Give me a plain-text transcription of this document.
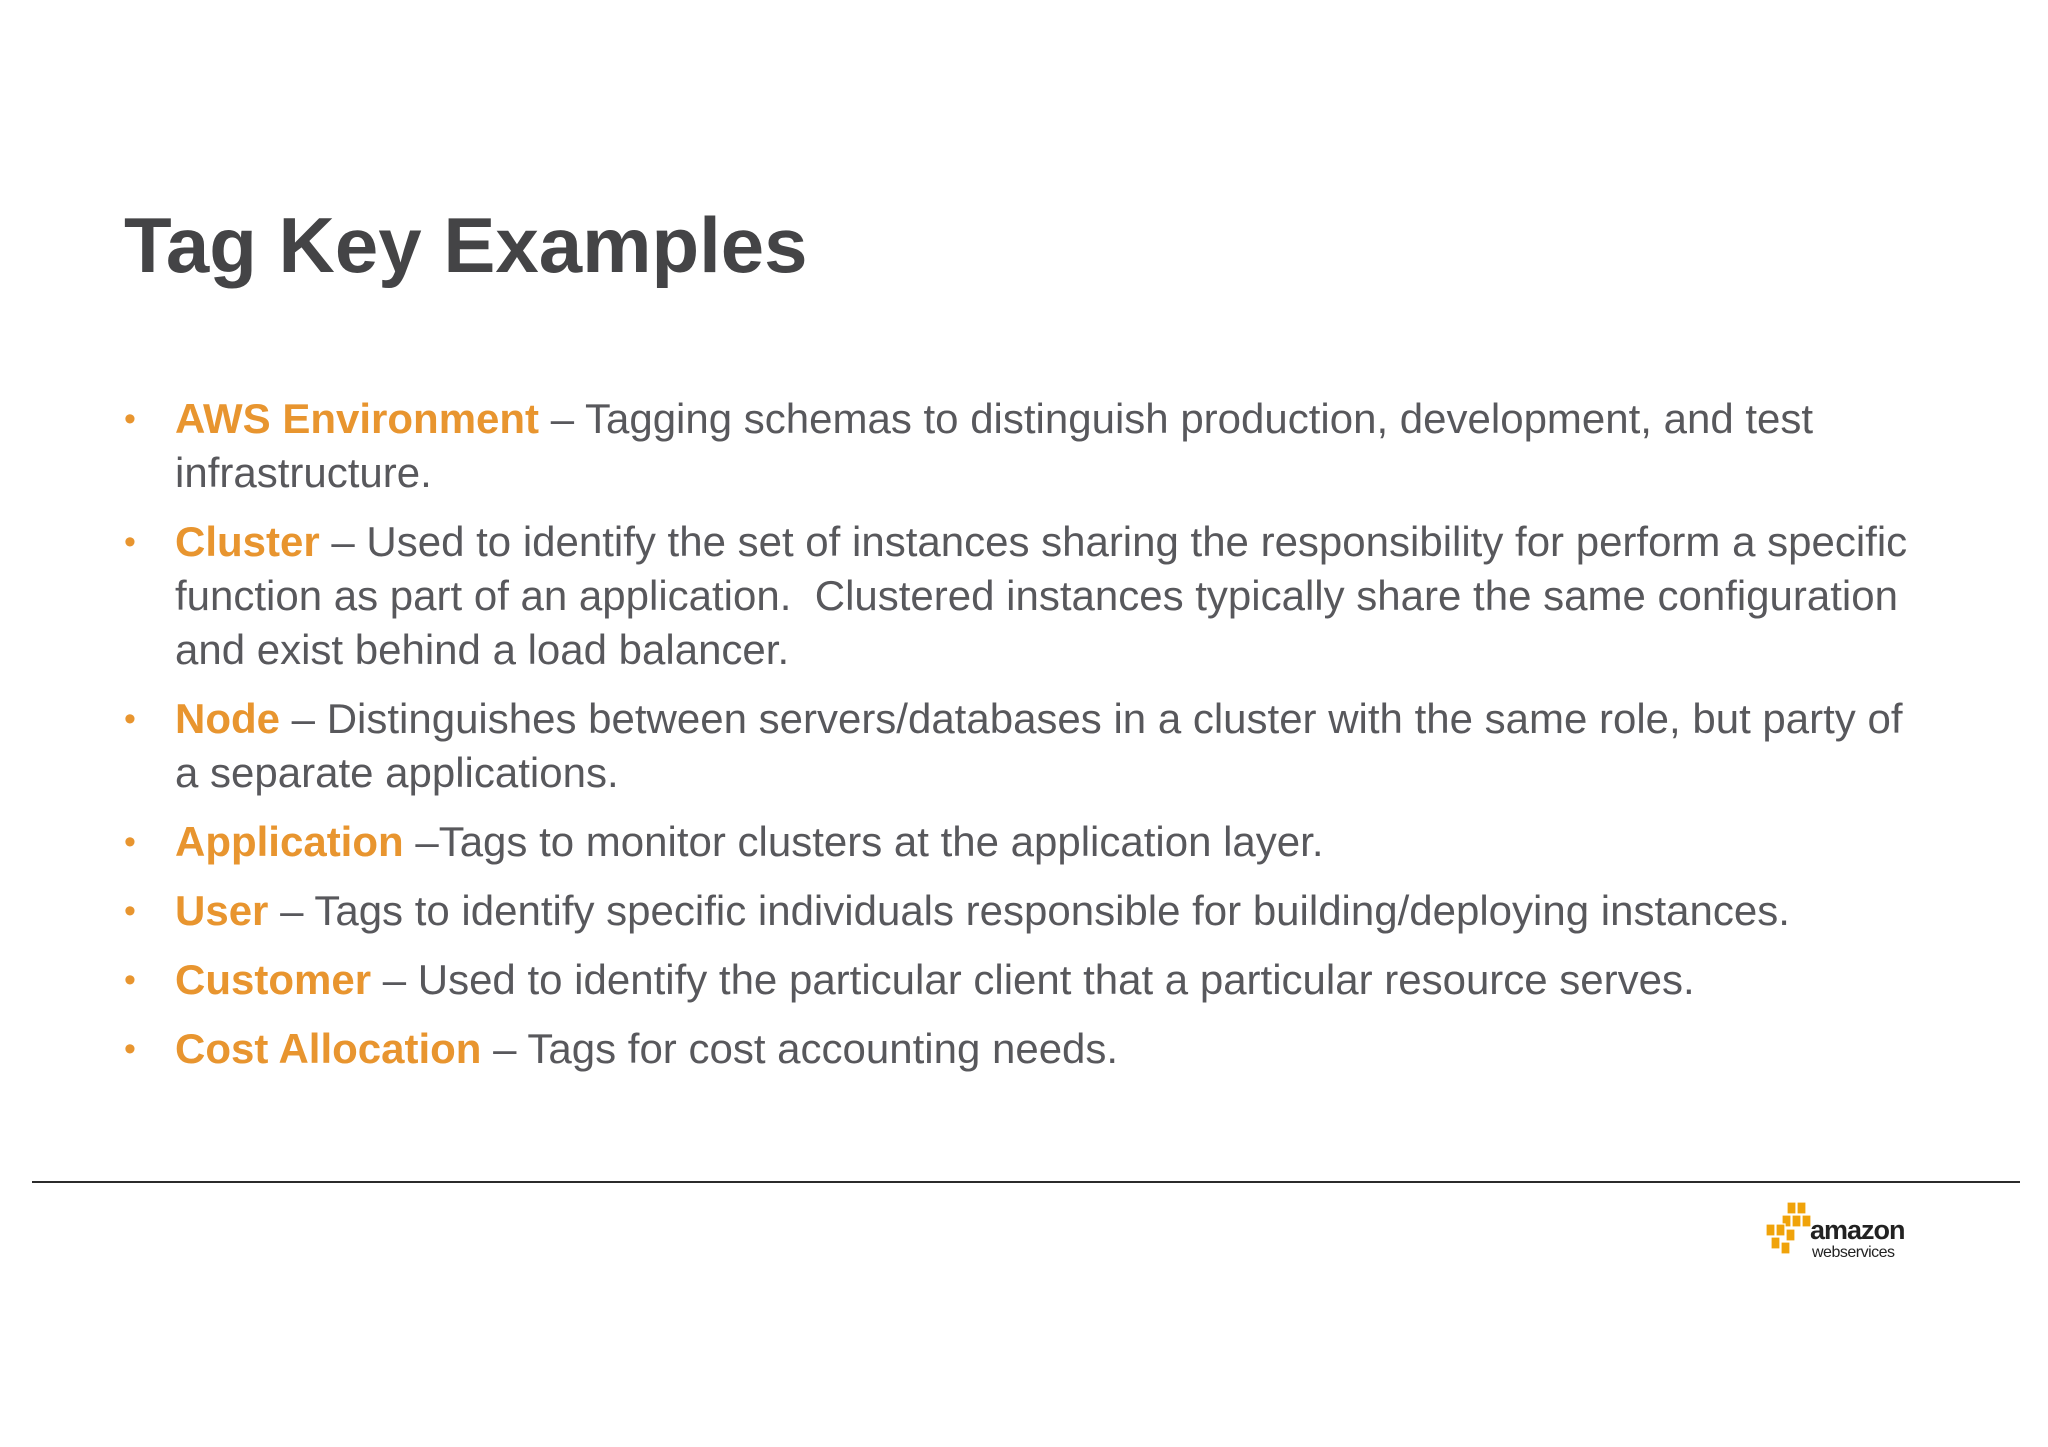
Tag Key Examples
• AWS Environment – Tagging schemas to distinguish production, development, and test infrastructure.
• Cluster – Used to identify the set of instances sharing the responsibility for perform a specific function as part of an application.  Clustered instances typically share the same configuration and exist behind a load balancer.
• Node – Distinguishes between servers/databases in a cluster with the same role, but party of a separate applications.
• Application –Tags to monitor clusters at the application layer.
• User – Tags to identify specific individuals responsible for building/deploying instances.
• Customer – Used to identify the particular client that a particular resource serves.
• Cost Allocation – Tags for cost accounting needs.
amazon
webservices
